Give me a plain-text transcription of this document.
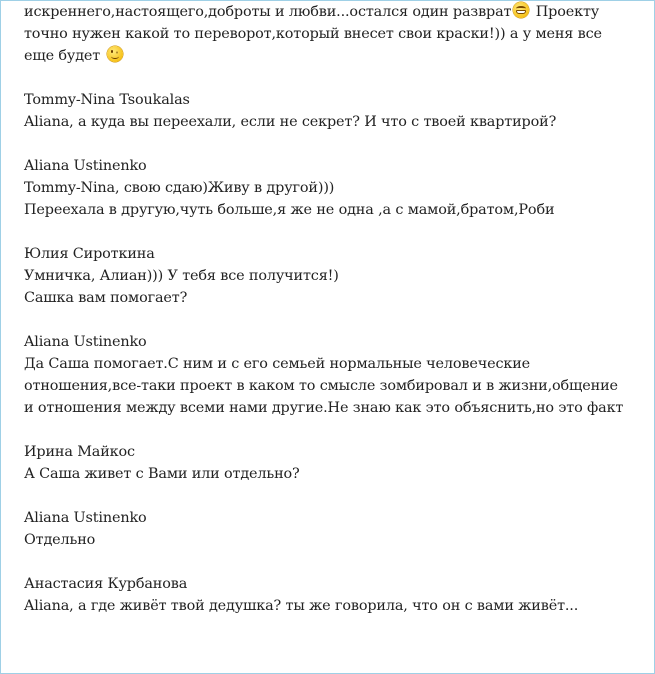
искреннего,настоящего,доброты и любви...остался один разврат Проекту

точно нужен какой то переворот,который внесет свои краски!)) а у меня все

еще будет

Tommy-Nina Tsoukalas

Aliana, а куда вы переехали, если не секрет? И что с твоей квартирой?

Aliana Ustinenko

Tommy-Nina, свою сдаю)Живу в другой)))

Переехала в другую,чуть больше,я же не одна ,а с мамой,братом,Роби

Юлия Сироткина

Умничка, Алиан))) У тебя все получится!)

Сашка вам помогает?

Aliana Ustinenko

Да Саша помогает.С ним и с его семьей нормальные человеческие

отношения,все-таки проект в каком то смысле зомбировал и в жизни,общение

и отношения между всеми нами другие.Не знаю как это объяснить,но это факт

Ирина Майкос

А Саша живет с Вами или отдельно?

Aliana Ustinenko

Отдельно

Анастасия Курбанова

Aliana, а где живёт твой дедушка? ты же говорила, что он с вами живёт...
